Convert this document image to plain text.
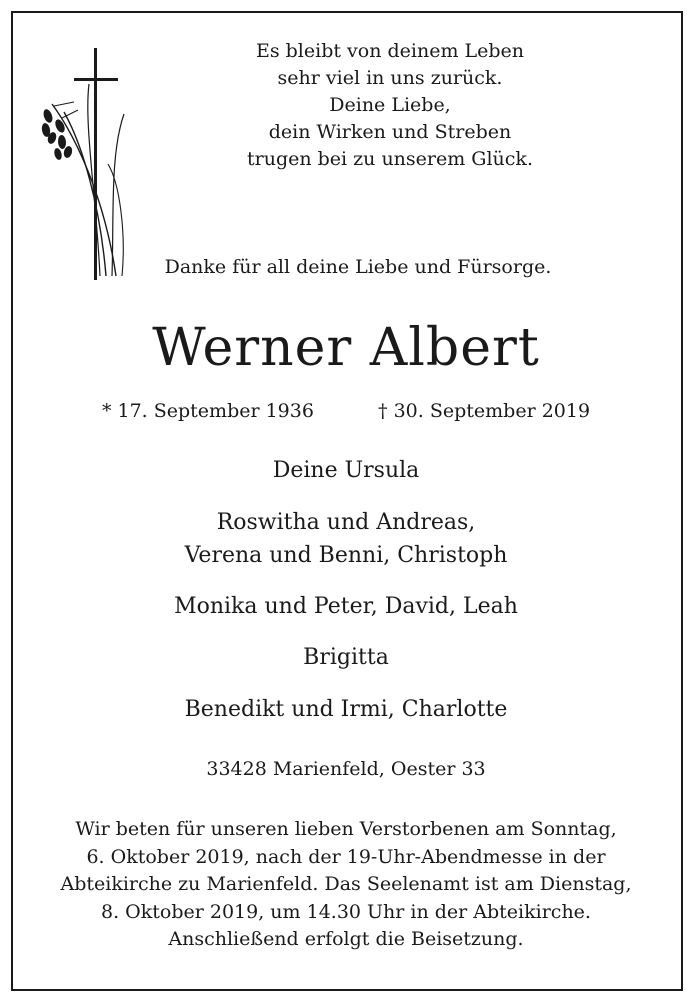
Es bleibt von deinem Leben
sehr viel in uns zurück.
Deine Liebe,
dein Wirken und Streben
trugen bei zu unserem Glück.
Danke für all deine Liebe und Fürsorge.
Werner Albert
* 17. September 1936	† 30. September 2019
Deine Ursula
Roswitha und Andreas,
Verena und Benni, Christoph
Monika und Peter, David, Leah
Brigitta
Benedikt und Irmi, Charlotte
33428 Marienfeld, Oester 33
Wir beten für unseren lieben Verstorbenen am Sonntag,
6. Oktober 2019, nach der 19-Uhr-Abendmesse in der
Abteikirche zu Marienfeld. Das Seelenamt ist am Dienstag,
8. Oktober 2019, um 14.30 Uhr in der Abteikirche.
Anschließend erfolgt die Beisetzung.
